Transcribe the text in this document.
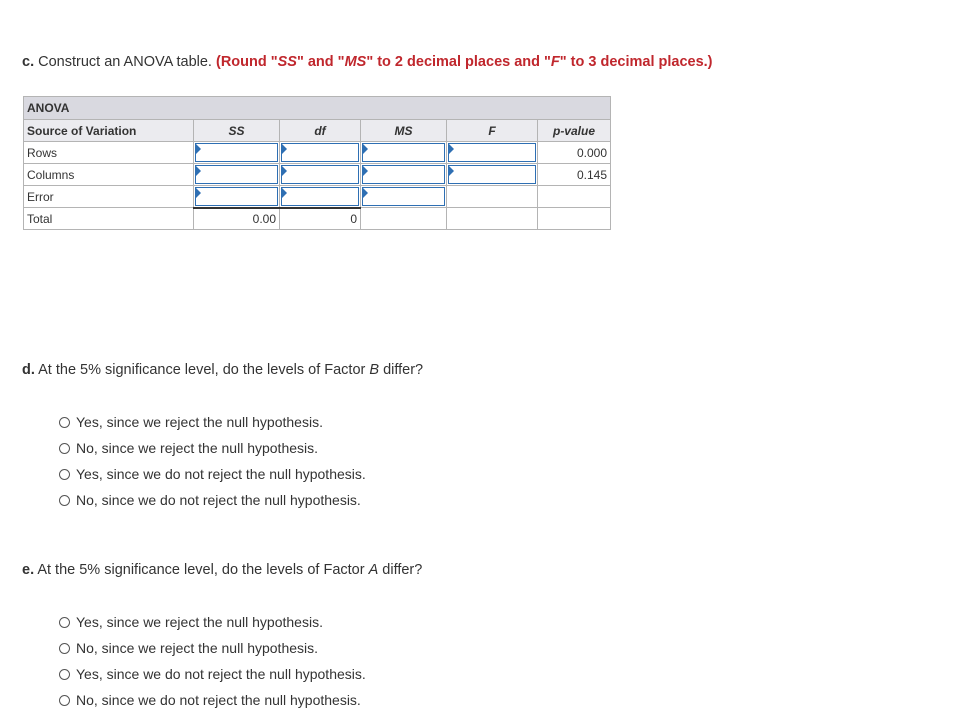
c. Construct an ANOVA table. (Round "SS" and "MS" to 2 decimal places and "F" to 3 decimal places.)
ANOVA					
Source of Variation	SS	df	MS	F	p-value
Rows					0.000
Columns					0.145
Error	

Total	0.00	0			
d. At the 5% significance level, do the levels of Factor B differ?
Yes, since we reject the null hypothesis.
No, since we reject the null hypothesis.
Yes, since we do not reject the null hypothesis.
No, since we do not reject the null hypothesis.
e. At the 5% significance level, do the levels of Factor A differ?
Yes, since we reject the null hypothesis.
No, since we reject the null hypothesis.
Yes, since we do not reject the null hypothesis.
No, since we do not reject the null hypothesis.
